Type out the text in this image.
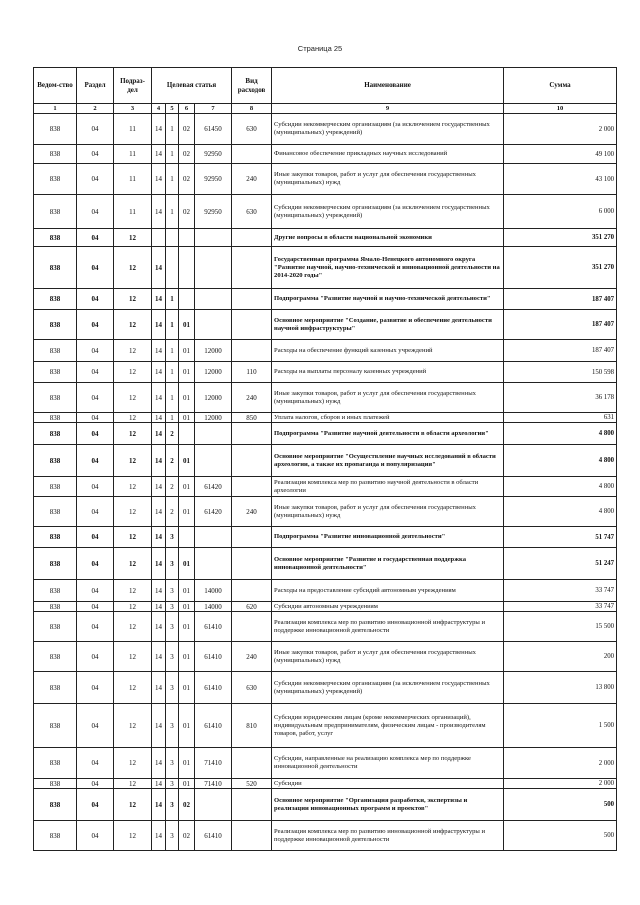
Страница 25
Ведом-ство	Раздел	Подраз-дел	Целевая статья				Вид расходов	Наименование	Сумма
1	2	3	4	5	6	7	8	9	10
838	04	11	14	1	02	61450	630	Субсидии некоммерческим организациям (за исключением государственных (муниципальных) учреждений)	2 000
838	04	11	14	1	02	92950		Финансовое обеспечение прикладных научных исследований	49 100
838	04	11	14	1	02	92950	240	Иные закупки товаров, работ и услуг для обеспечения государственных (муниципальных) нужд	43 100
838	04	11	14	1	02	92950	630	Субсидии некоммерческим организациям (за исключением государственных (муниципальных) учреждений)	6 000
838	04	12						Другие вопросы в области национальной экономики	351 270
838	04	12	14					Государственная программа Ямало-Ненецкого автономного округа "Развитие научной, научно-технической и инновационной деятельности на 2014-2020 годы"	351 270
838	04	12	14	1				Подпрограмма "Развитие научной и научно-технической деятельности"	187 407
838	04	12	14	1	01			Основное мероприятие "Создание, развитие и обеспечение деятельности научной инфраструктуры"	187 407
838	04	12	14	1	01	12000		Расходы на обеспечение функций казенных учреждений	187 407
838	04	12	14	1	01	12000	110	Расходы на выплаты персоналу казенных учреждений	150 598
838	04	12	14	1	01	12000	240	Иные закупки товаров, работ и услуг для обеспечения государственных (муниципальных) нужд	36 178
838	04	12	14	1	01	12000	850	Уплата налогов, сборов и иных платежей	631
838	04	12	14	2				Подпрограмма "Развитие научной деятельности в области археологии"	4 800
838	04	12	14	2	01			Основное мероприятие "Осуществление научных исследований в области археологии, а также их пропаганда и популяризация"	4 800
838	04	12	14	2	01	61420		Реализация комплекса мер по развитию научной деятельности в области археологии	4 800
838	04	12	14	2	01	61420	240	Иные закупки товаров, работ и услуг для обеспечения государственных (муниципальных) нужд	4 800
838	04	12	14	3				Подпрограмма "Развитие инновационной деятельности"	51 747
838	04	12	14	3	01			Основное мероприятие "Развитие и государственная поддержка инновационной деятельности"	51 247
838	04	12	14	3	01	14000		Расходы на предоставление субсидий автономным учреждениям	33 747
838	04	12	14	3	01	14000	620	Субсидии автономным учреждениям	33 747
838	04	12	14	3	01	61410		Реализация комплекса мер по развитию инновационной инфраструктуры и поддержке инновационной деятельности	15 500
838	04	12	14	3	01	61410	240	Иные закупки товаров, работ и услуг для обеспечения государственных (муниципальных) нужд	200
838	04	12	14	3	01	61410	630	Субсидии некоммерческим организациям (за исключением государственных (муниципальных) учреждений)	13 800
838	04	12	14	3	01	61410	810	Субсидии юридическим лицам (кроме некоммерческих организаций), индивидуальным предпринимателям, физическим лицам - производителям товаров, работ, услуг	1 500
838	04	12	14	3	01	71410		Субсидии, направленные на реализацию комплекса мер по поддержке инновационной деятельности	2 000
838	04	12	14	3	01	71410	520	Субсидии	2 000
838	04	12	14	3	02			Основное мероприятие "Организация разработки, экспертизы и реализации инновационных программ и проектов"	500
838	04	12	14	3	02	61410		Реализация комплекса мер по развитию инновационной инфраструктуры и поддержке инновационной деятельности	500
